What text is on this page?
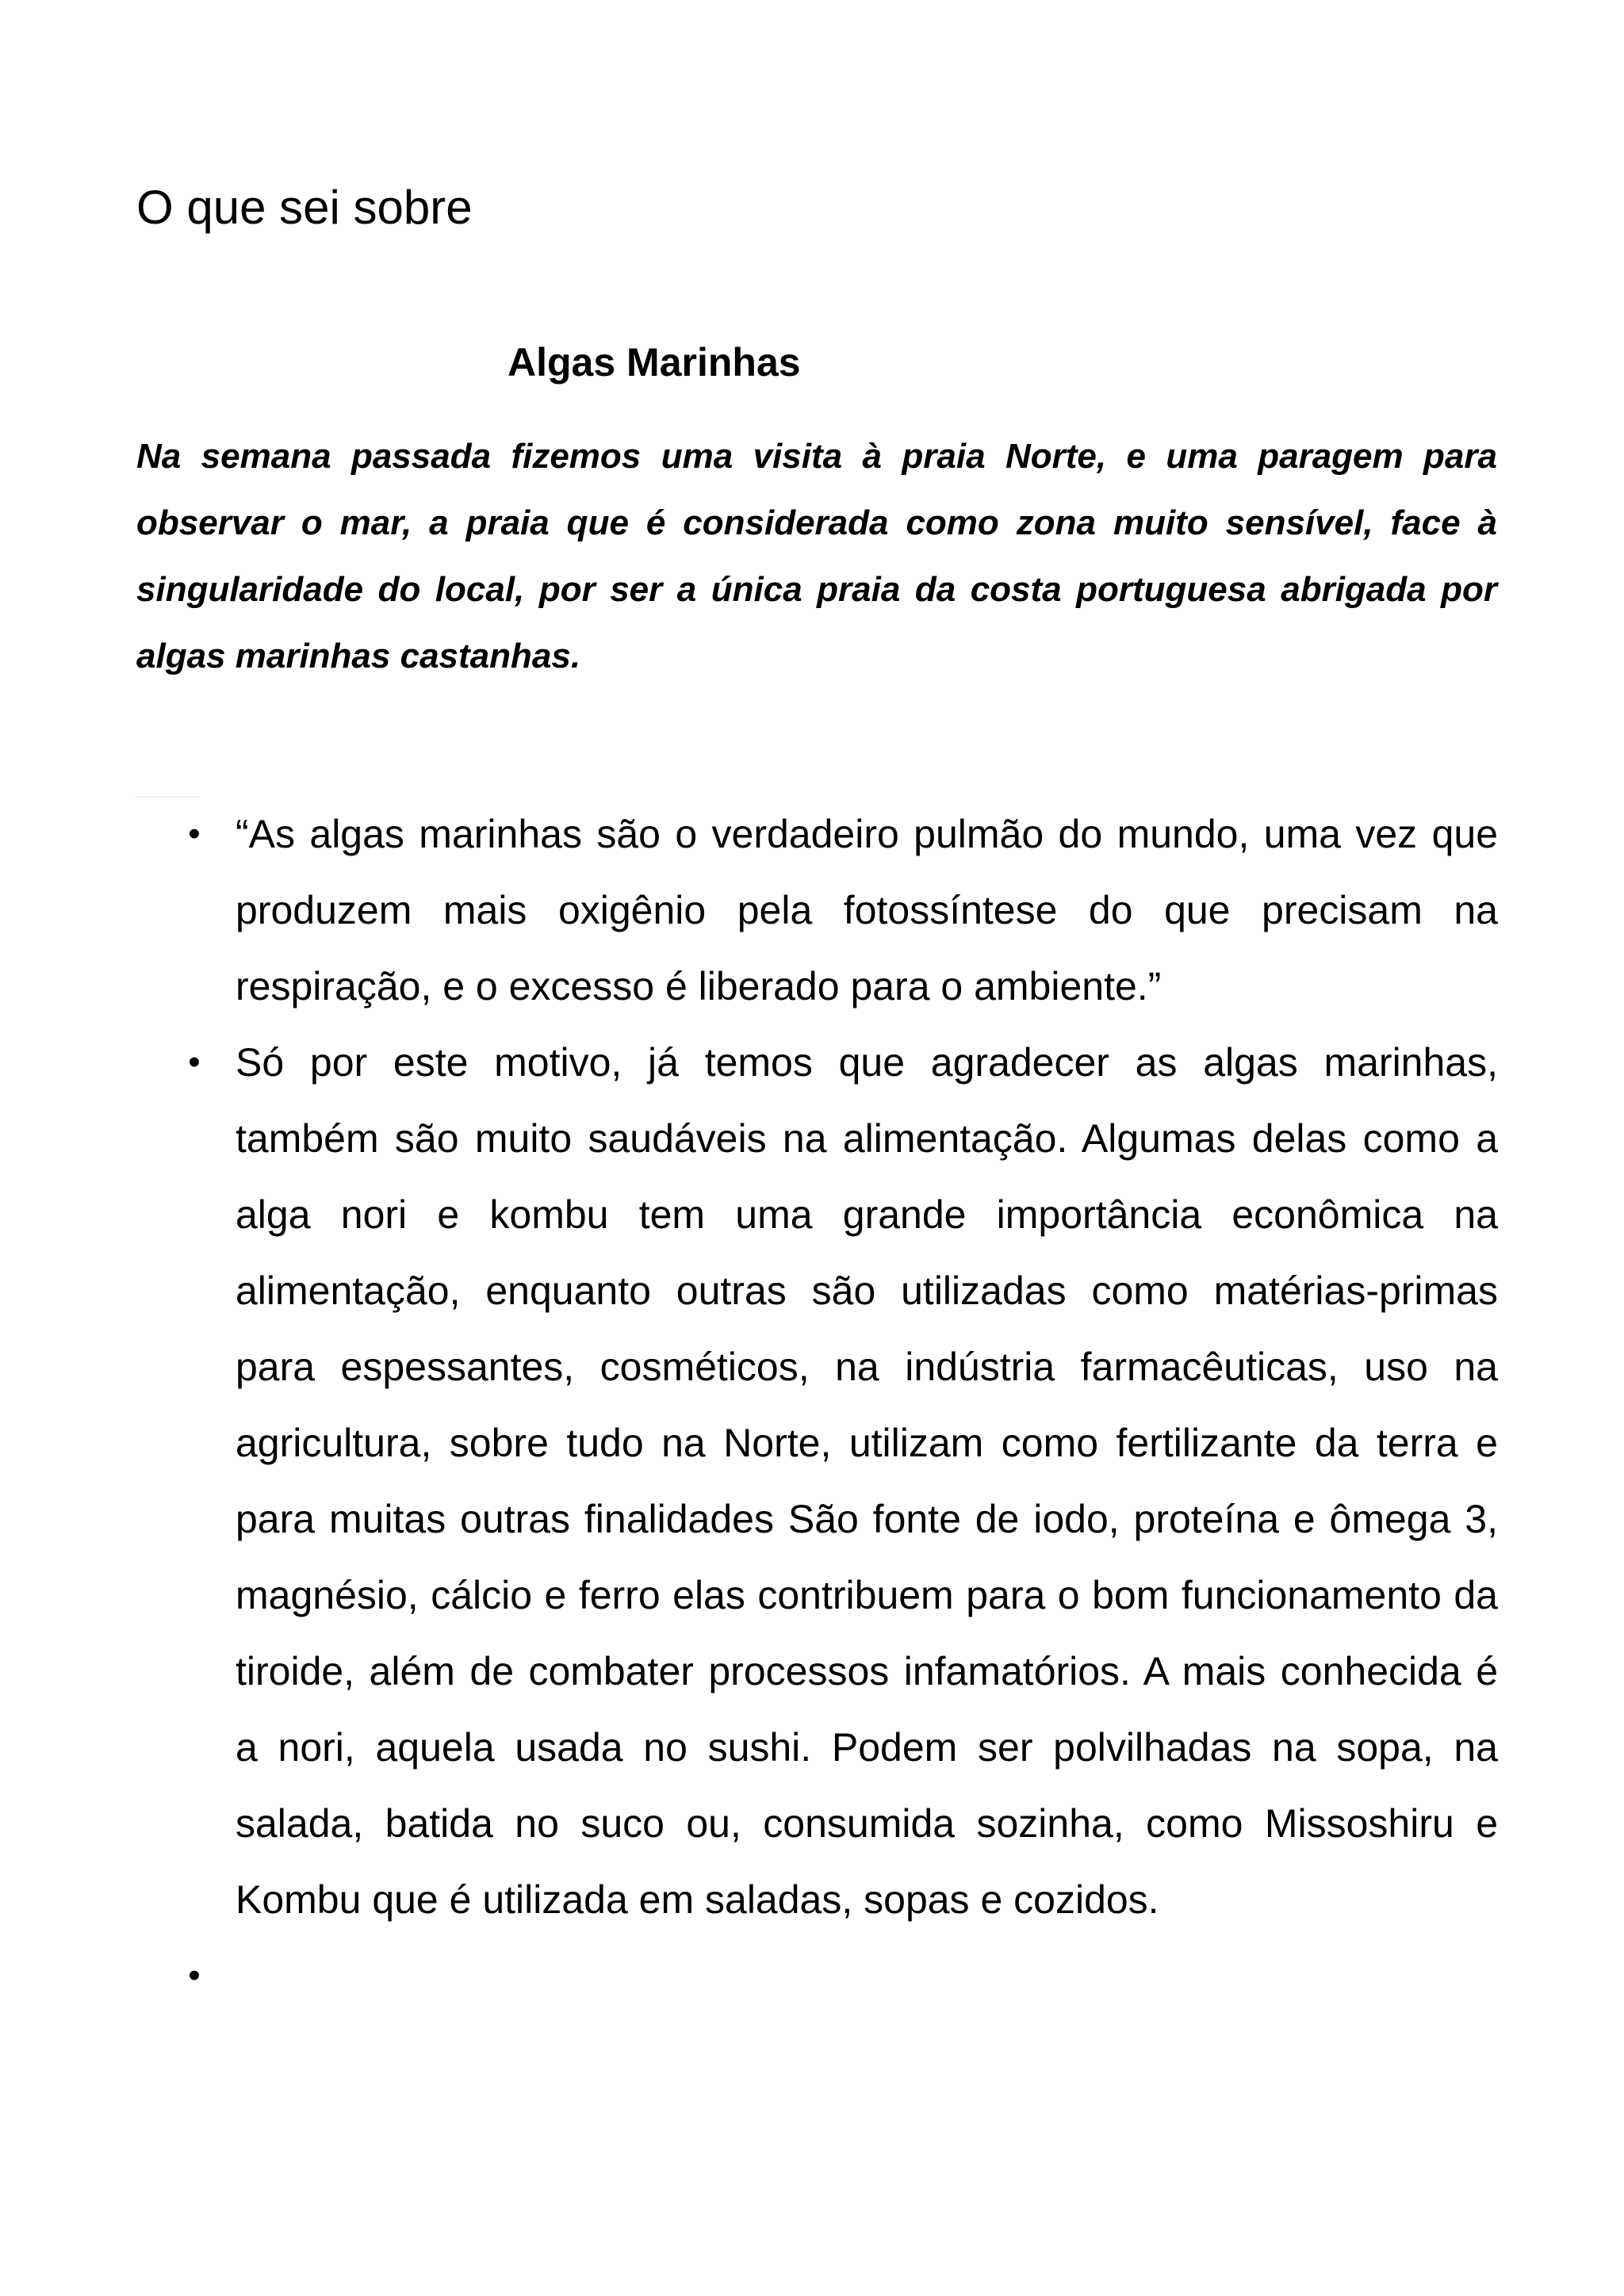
O que sei sobre
Algas Marinhas

Na semana passada fizemos uma visita à praia Norte, e uma paragem para observar o mar, a praia que é considerada como zona muito sensível, face à singularidade do local, por ser a única praia da costa portuguesa abrigada por algas marinhas castanhas.

• “As algas marinhas são o verdadeiro pulmão do mundo, uma vez que produzem mais oxigênio pela fotossíntese do que precisam na respiração, e o excesso é liberado para o ambiente.”
• Só por este motivo, já temos que agradecer as algas marinhas, também são muito saudáveis na alimentação. Algumas delas como a alga nori e kombu tem uma grande importância econômica na alimentação, enquanto outras são utilizadas como matérias-primas para espessantes, cosméticos, na indústria farmacêuticas, uso na agricultura, sobre tudo na Norte, utilizam como fertilizante da terra e para muitas outras finalidades São fonte de iodo, proteína e ômega 3, magnésio, cálcio e ferro elas contribuem para o bom funcionamento da tiroide, além de combater processos infamatórios. A mais conhecida é a nori, aquela usada no sushi. Podem ser polvilhadas na sopa, na salada, batida no suco ou, consumida sozinha, como Missoshiru e Kombu que é utilizada em saladas, sopas e cozidos.
•
